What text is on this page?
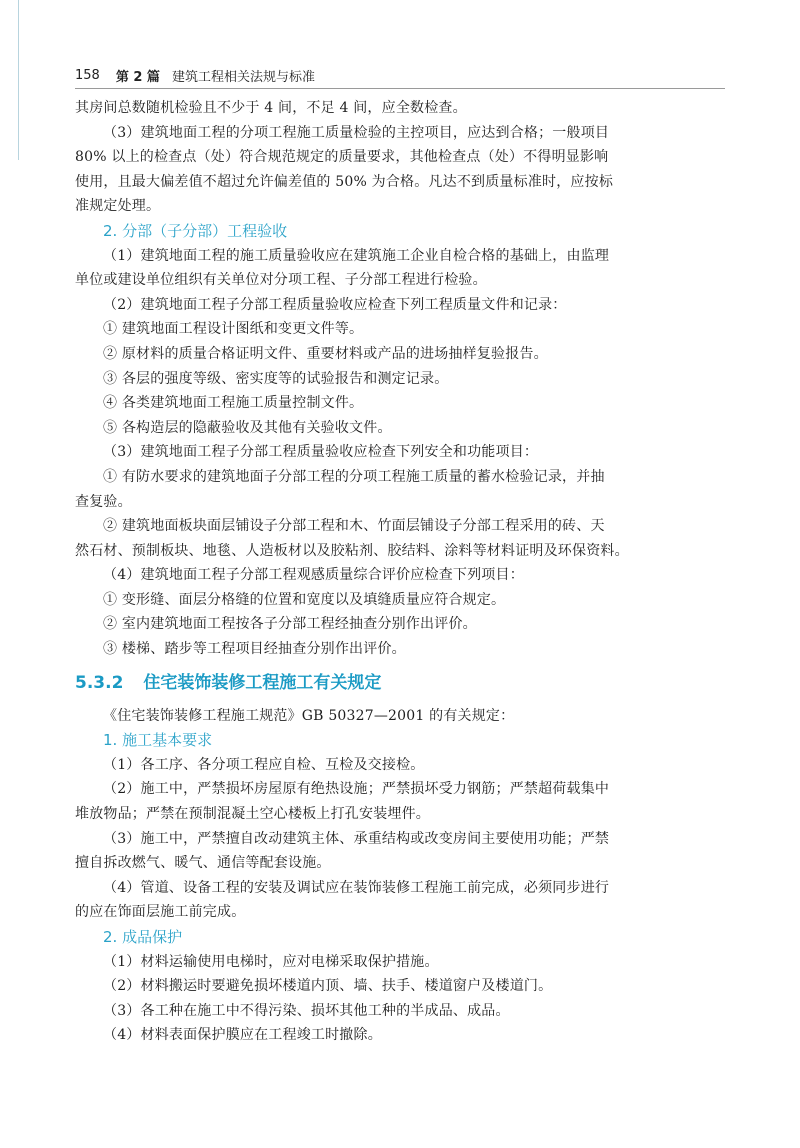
158 第 2 篇 建筑工程相关法规与标准
其房间总数随机检验且不少于 4 间，不足 4 间，应全数检查。
（3）建筑地面工程的分项工程施工质量检验的主控项目，应达到合格；一般项目
80% 以上的检查点（处）符合规范规定的质量要求，其他检查点（处）不得明显影响
使用，且最大偏差值不超过允许偏差值的 50% 为合格。凡达不到质量标准时，应按标
准规定处理。
2. 分部（子分部）工程验收
（1）建筑地面工程的施工质量验收应在建筑施工企业自检合格的基础上，由监理
单位或建设单位组织有关单位对分项工程、子分部工程进行检验。
（2）建筑地面工程子分部工程质量验收应检查下列工程质量文件和记录：
① 建筑地面工程设计图纸和变更文件等。
② 原材料的质量合格证明文件、重要材料或产品的进场抽样复验报告。
③ 各层的强度等级、密实度等的试验报告和测定记录。
④ 各类建筑地面工程施工质量控制文件。
⑤ 各构造层的隐蔽验收及其他有关验收文件。
（3）建筑地面工程子分部工程质量验收应检查下列安全和功能项目：
① 有防水要求的建筑地面子分部工程的分项工程施工质量的蓄水检验记录，并抽
查复验。
② 建筑地面板块面层铺设子分部工程和木、竹面层铺设子分部工程采用的砖、天
然石材、预制板块、地毯、人造板材以及胶粘剂、胶结料、涂料等材料证明及环保资料。
（4）建筑地面工程子分部工程观感质量综合评价应检查下列项目：
① 变形缝、面层分格缝的位置和宽度以及填缝质量应符合规定。
② 室内建筑地面工程按各子分部工程经抽查分别作出评价。
③ 楼梯、踏步等工程项目经抽查分别作出评价。
5.3.2 住宅装饰装修工程施工有关规定
《住宅装饰装修工程施工规范》GB 50327—2001 的有关规定：
1. 施工基本要求
（1）各工序、各分项工程应自检、互检及交接检。
（2）施工中，严禁损坏房屋原有绝热设施；严禁损坏受力钢筋；严禁超荷载集中
堆放物品；严禁在预制混凝土空心楼板上打孔安装埋件。
（3）施工中，严禁擅自改动建筑主体、承重结构或改变房间主要使用功能；严禁
擅自拆改燃气、暖气、通信等配套设施。
（4）管道、设备工程的安装及调试应在装饰装修工程施工前完成，必须同步进行
的应在饰面层施工前完成。
2. 成品保护
（1）材料运输使用电梯时，应对电梯采取保护措施。
（2）材料搬运时要避免损坏楼道内顶、墙、扶手、楼道窗户及楼道门。
（3）各工种在施工中不得污染、损坏其他工种的半成品、成品。
（4）材料表面保护膜应在工程竣工时撤除。
